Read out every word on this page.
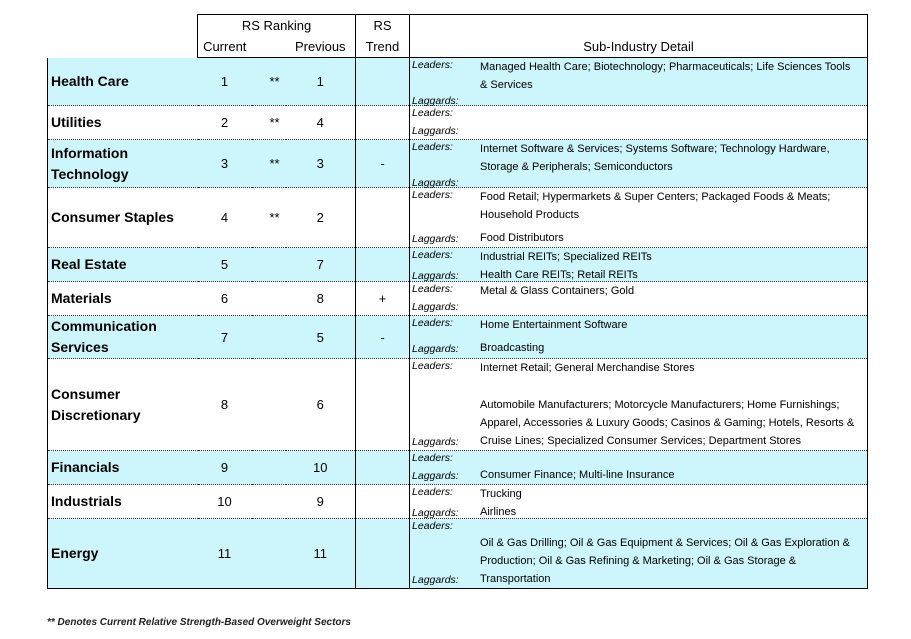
	RS Ranking			RS	
	Current		Previous	Trend	Sub-Industry Detail
Health Care	1	**	1		Leaders: Managed Health Care; Biotechnology; Pharmaceuticals; Life Sciences Tools & Services
Laggards:

Utilities	2	**	4		Leaders:
Laggards:

Information Technology	3	**	3	-	Leaders: Internet Software & Services; Systems Software; Technology Hardware, Storage & Peripherals; Semiconductors
Laggards:

Consumer Staples	4	**	2		Leaders: Food Retail; Hypermarkets & Super Centers; Packaged Foods & Meats; Household Products
Laggards: Food Distributors

Real Estate	5		7		Leaders: Industrial REITs; Specialized REITs
Laggards: Health Care REITs; Retail REITs

Materials	6		8	+	Leaders: Metal & Glass Containers; Gold
Laggards:

Communication Services	7		5	-	Leaders: Home Entertainment Software
Laggards: Broadcasting

Consumer Discretionary	8		6		Leaders: Internet Retail; General Merchandise Stores
Laggards:
Automobile Manufacturers; Motorcycle Manufacturers; Home Furnishings; Apparel, Accessories & Luxury Goods; Casinos & Gaming; Hotels, Resorts & Cruise Lines; Specialized Consumer Services; Department Stores

Financials	9		10		Leaders:
Laggards: Consumer Finance; Multi-line Insurance

Industrials	10		9		Leaders: Trucking
Laggards: Airlines

Energy	11		11		Leaders:
Laggards:
Oil & Gas Drilling; Oil & Gas Equipment & Services; Oil & Gas Exploration & Production; Oil & Gas Refining & Marketing; Oil & Gas Storage & Transportation
** Denotes Current Relative Strength-Based Overweight Sectors
